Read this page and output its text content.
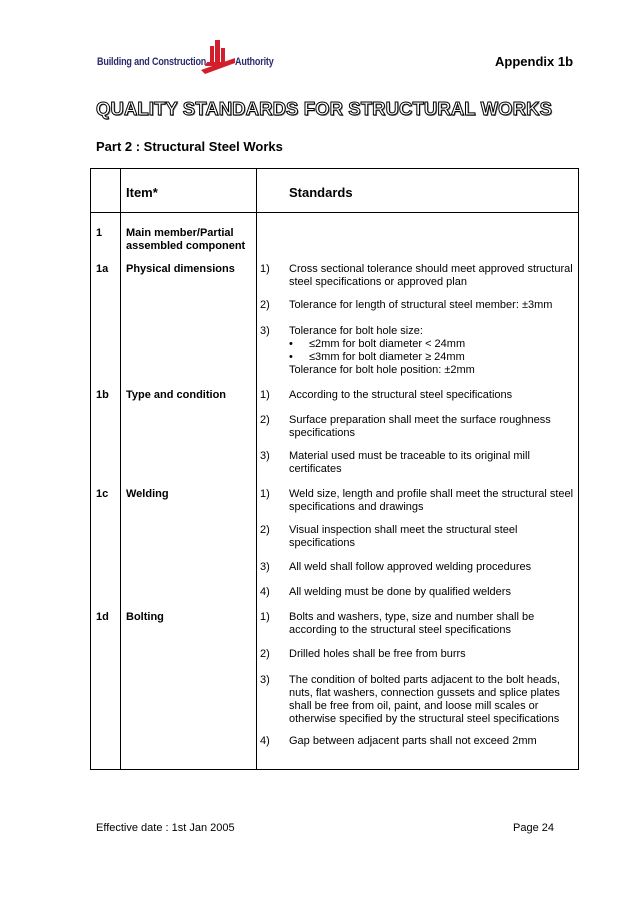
Building and Construction	Authority	Appendix 1b
QUALITY STANDARDS FOR STRUCTURAL WORKS
Part 2 : Structural Steel Works
Item*	Standards
1 Main member/Partial assembled component
1a Physical dimensions	1) Cross sectional tolerance should meet approved structural steel specifications or approved plan
2) Tolerance for length of structural steel member: ±3mm
3) Tolerance for bolt hole size:
• ≤2mm for bolt diameter < 24mm
• ≤3mm for bolt diameter ≥ 24mm
Tolerance for bolt hole position: ±2mm
1b Type and condition	1) According to the structural steel specifications
2) Surface preparation shall meet the surface roughness specifications
3) Material used must be traceable to its original mill certificates
1c Welding	1) Weld size, length and profile shall meet the structural steel specifications and drawings
2) Visual inspection shall meet the structural steel specifications
3) All weld shall follow approved welding procedures
4) All welding must be done by qualified welders
1d Bolting	1) Bolts and washers, type, size and number shall be according to the structural steel specifications
2) Drilled holes shall be free from burrs
3) The condition of bolted parts adjacent to the bolt heads, nuts, flat washers, connection gussets and splice plates shall be free from oil, paint, and loose mill scales or otherwise specified by the structural steel specifications
4) Gap between adjacent parts shall not exceed 2mm
Effective date : 1st Jan 2005	Page 24
